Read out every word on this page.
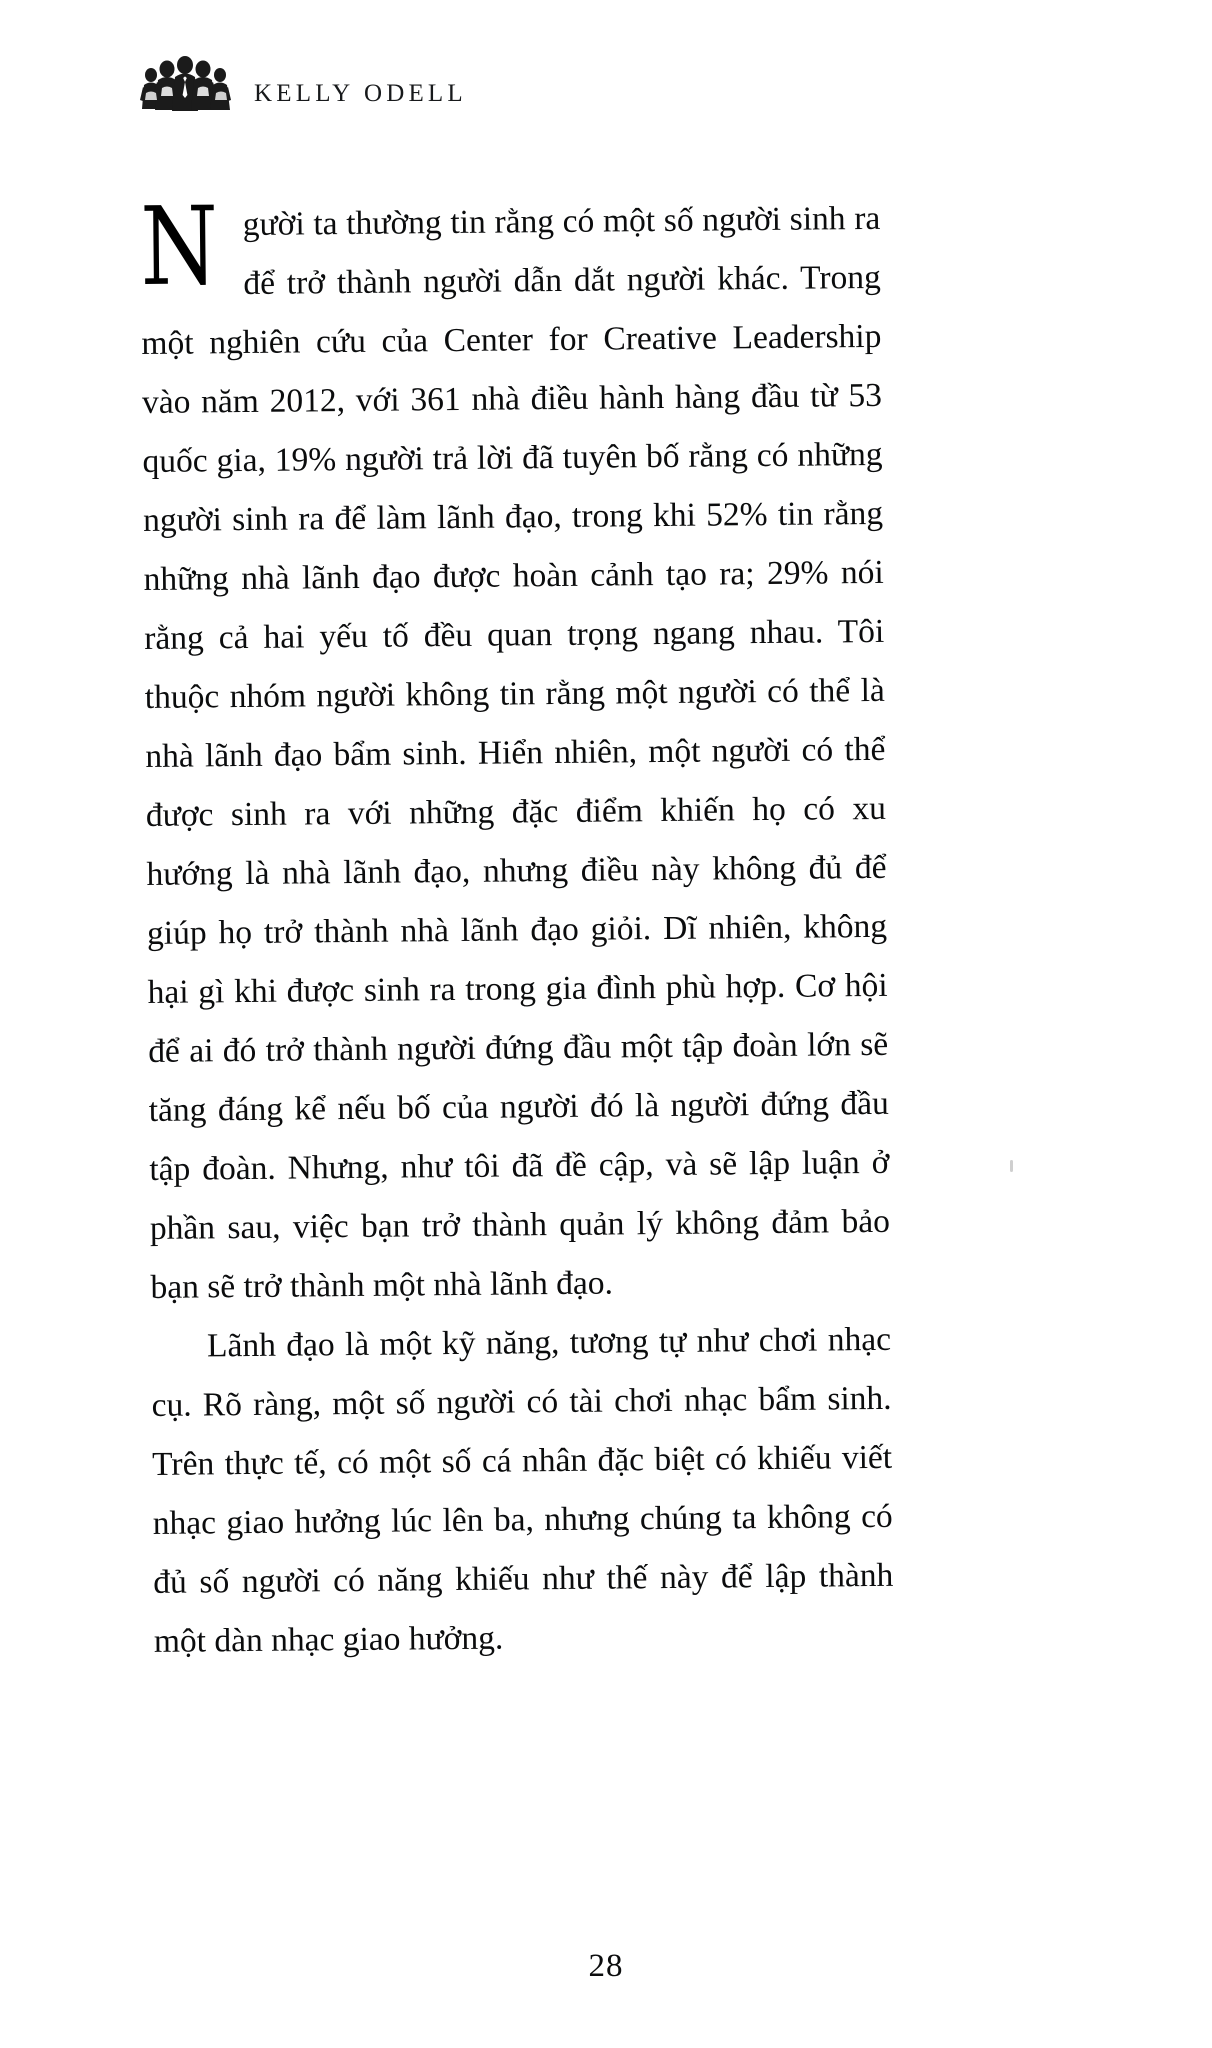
KELLY ODELL

Người ta thường tin rằng có một số người sinh ra để trở thành người dẫn dắt người khác. Trong một nghiên cứu của Center for Creative Leadership vào năm 2012, với 361 nhà điều hành hàng đầu từ 53 quốc gia, 19% người trả lời đã tuyên bố rằng có những người sinh ra để làm lãnh đạo, trong khi 52% tin rằng những nhà lãnh đạo được hoàn cảnh tạo ra; 29% nói rằng cả hai yếu tố đều quan trọng ngang nhau. Tôi thuộc nhóm người không tin rằng một người có thể là nhà lãnh đạo bẩm sinh. Hiển nhiên, một người có thể được sinh ra với những đặc điểm khiến họ có xu hướng là nhà lãnh đạo, nhưng điều này không đủ để giúp họ trở thành nhà lãnh đạo giỏi. Dĩ nhiên, không hại gì khi được sinh ra trong gia đình phù hợp. Cơ hội để ai đó trở thành người đứng đầu một tập đoàn lớn sẽ tăng đáng kể nếu bố của người đó là người đứng đầu tập đoàn. Nhưng, như tôi đã đề cập, và sẽ lập luận ở phần sau, việc bạn trở thành quản lý không đảm bảo bạn sẽ trở thành một nhà lãnh đạo.

Lãnh đạo là một kỹ năng, tương tự như chơi nhạc cụ. Rõ ràng, một số người có tài chơi nhạc bẩm sinh. Trên thực tế, có một số cá nhân đặc biệt có khiếu viết nhạc giao hưởng lúc lên ba, nhưng chúng ta không có đủ số người có năng khiếu như thế này để lập thành một dàn nhạc giao hưởng.

28
